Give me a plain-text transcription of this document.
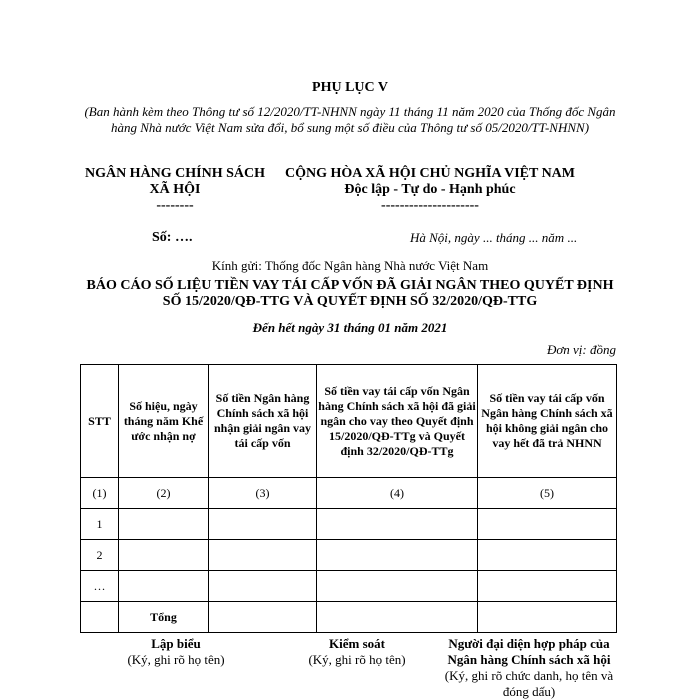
PHỤ LỤC V
(Ban hành kèm theo Thông tư số 12/2020/TT-NHNN ngày 11 tháng 11 năm 2020 của Thống đốc Ngân hàng Nhà nước Việt Nam sửa đổi, bổ sung một số điều của Thông tư số 05/2020/TT-NHNN)
NGÂN HÀNG CHÍNH SÁCH XÃ HỘI
--------
CỘNG HÒA XÃ HỘI CHỦ NGHĨA VIỆT NAM
Độc lập - Tự do - Hạnh phúc
---------------------
Số: ….	Hà Nội, ngày ... tháng ... năm ...
Kính gửi: Thống đốc Ngân hàng Nhà nước Việt Nam
BÁO CÁO SỐ LIỆU TIỀN VAY TÁI CẤP VỐN ĐÃ GIẢI NGÂN THEO QUYẾT ĐỊNH SỐ 15/2020/QĐ-TTG VÀ QUYẾT ĐỊNH SỐ 32/2020/QĐ-TTG
Đến hết ngày 31 tháng 01 năm 2021
Đơn vị: đồng
STT	Số hiệu, ngày tháng năm Khế ước nhận nợ	Số tiền Ngân hàng Chính sách xã hội nhận giải ngân vay tái cấp vốn	Số tiền vay tái cấp vốn Ngân hàng Chính sách xã hội đã giải ngân cho vay theo Quyết định 15/2020/QĐ-TTg và Quyết định 32/2020/QĐ-TTg	Số tiền vay tái cấp vốn Ngân hàng Chính sách xã hội không giải ngân cho vay hết đã trả NHNN
(1)	(2)	(3)	(4)	(5)
1				
2				
…				
	Tổng			
Lập biểu
(Ký, ghi rõ họ tên)
Kiểm soát
(Ký, ghi rõ họ tên)
Người đại diện hợp pháp của Ngân hàng Chính sách xã hội
(Ký, ghi rõ chức danh, họ tên và đóng dấu)
